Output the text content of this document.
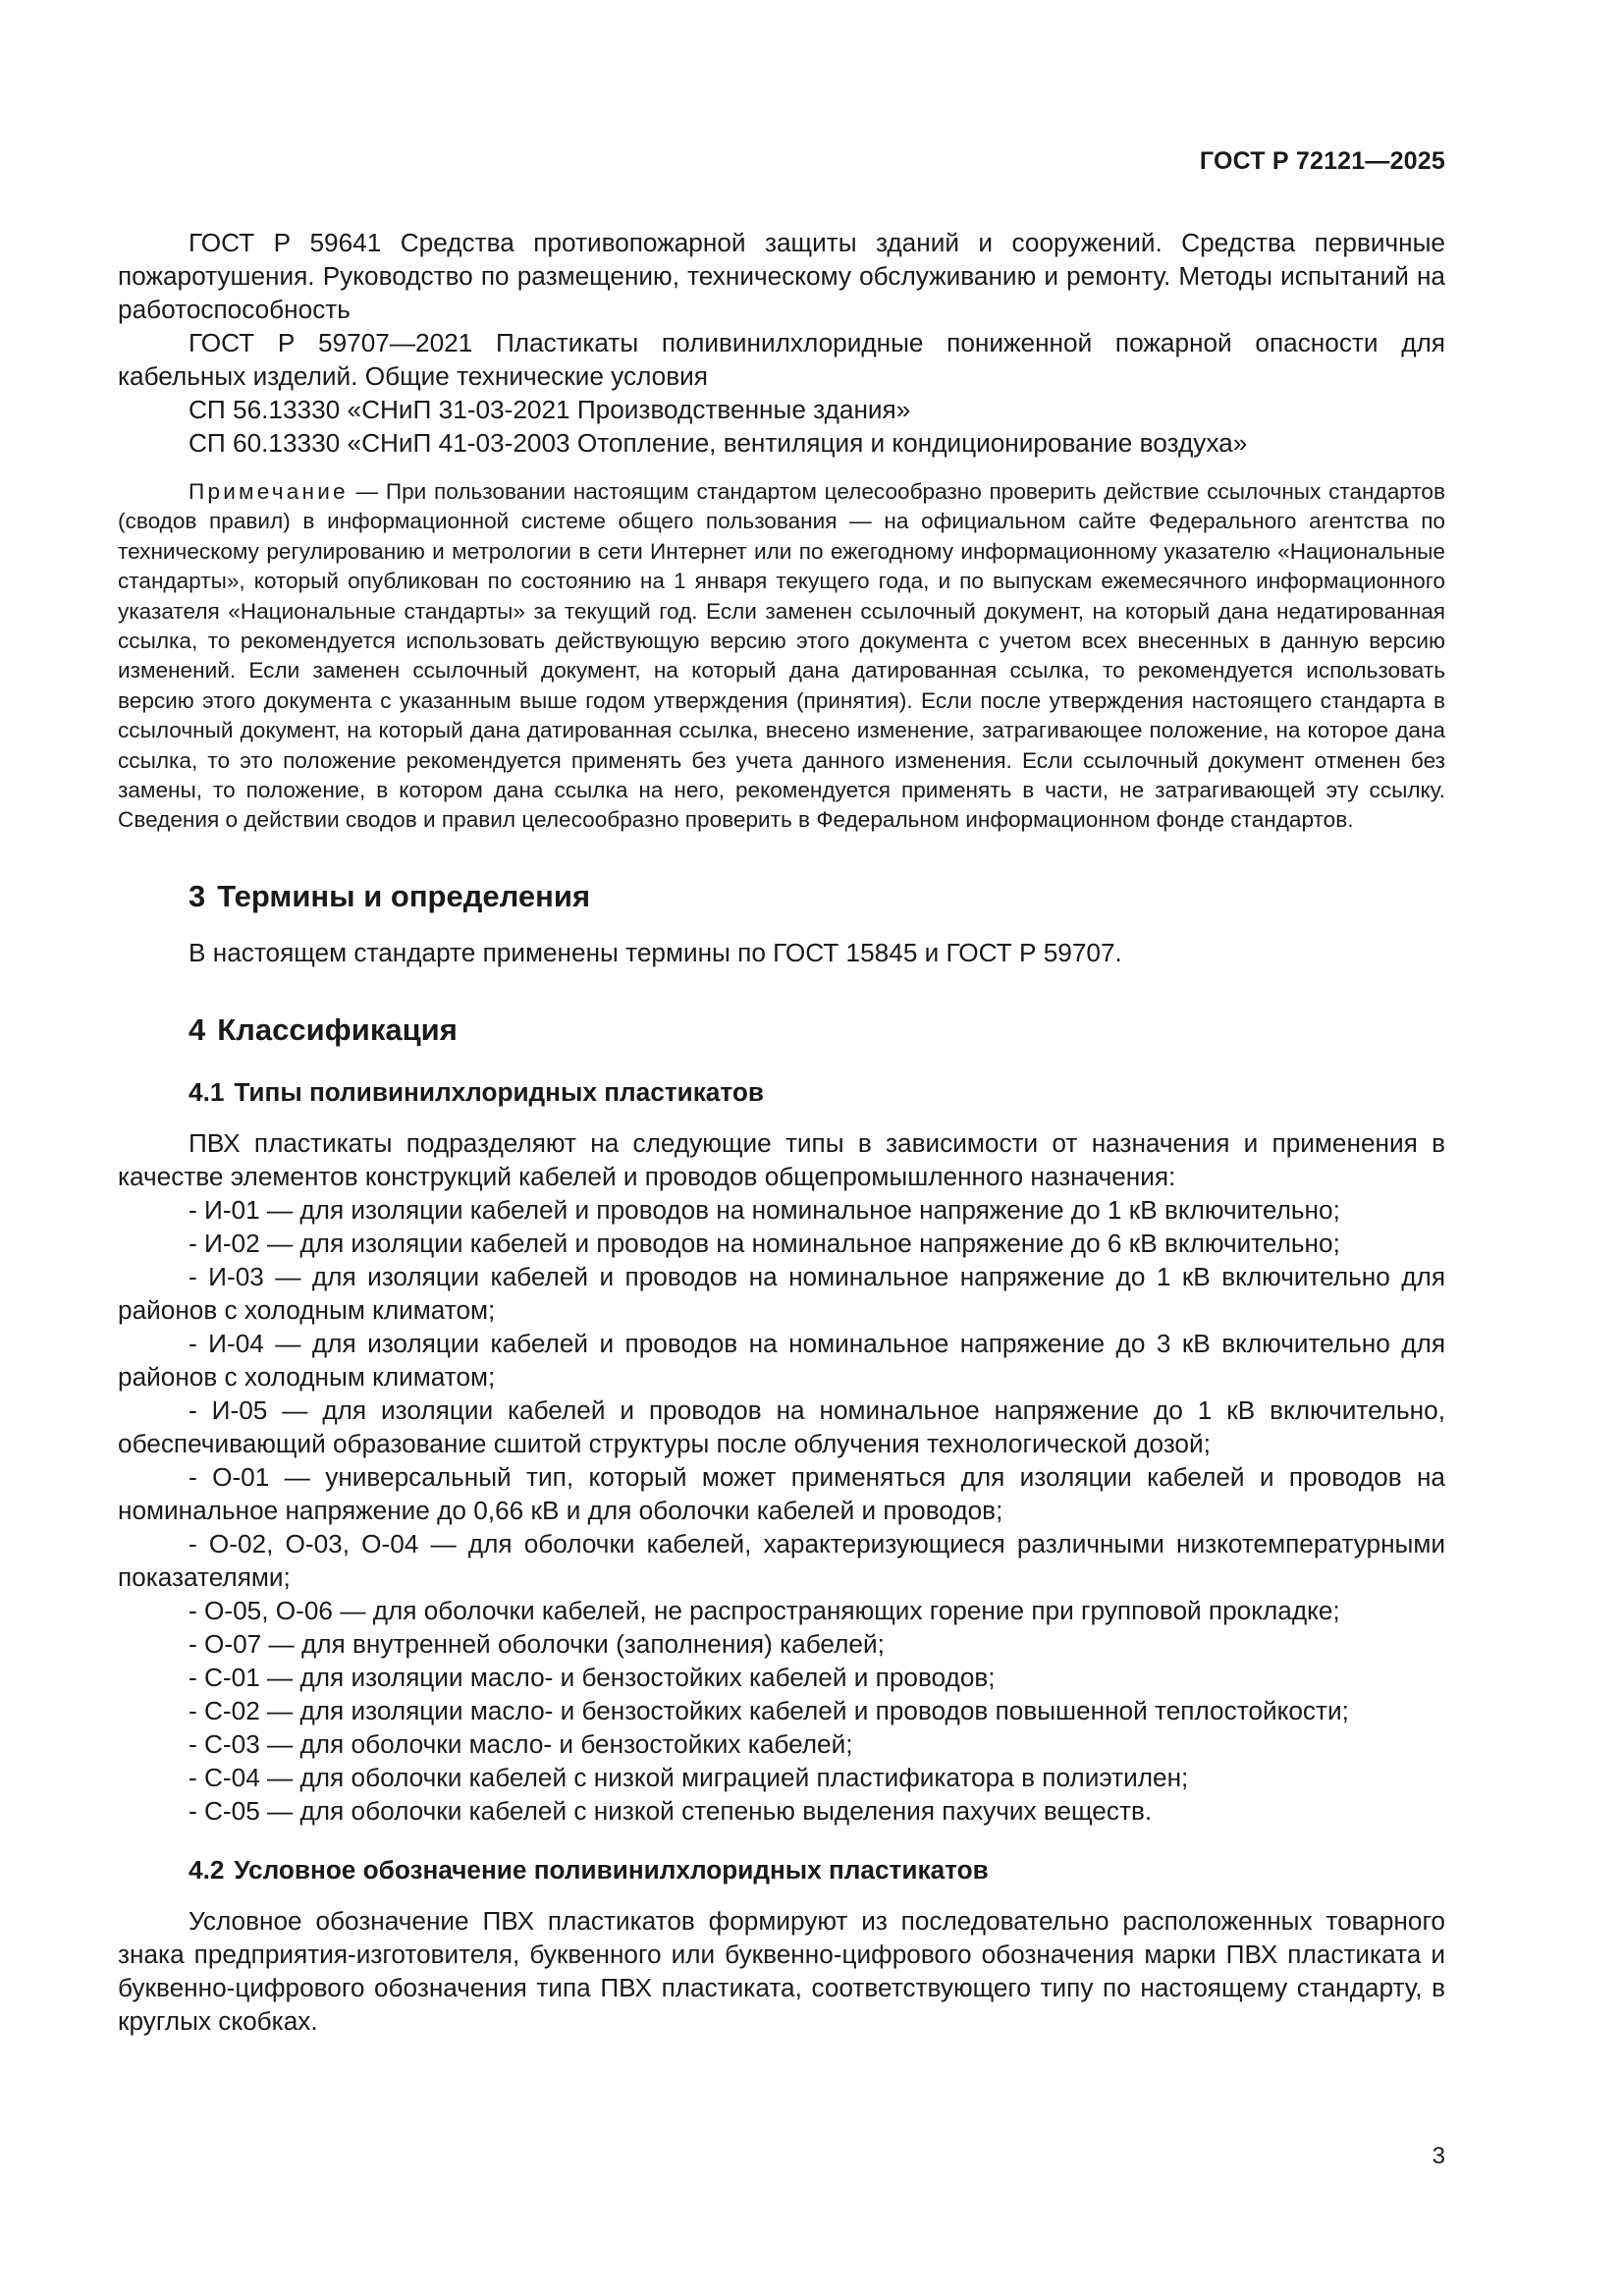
ГОСТ Р 72121—2025

ГОСТ Р 59641 Средства противопожарной защиты зданий и сооружений. Средства первичные пожаротушения. Руководство по размещению, техническому обслуживанию и ремонту. Методы испытаний на работоспособность

ГОСТ Р 59707—2021 Пластикаты поливинилхлоридные пониженной пожарной опасности для кабельных изделий. Общие технические условия

СП 56.13330 «СНиП 31-03-2021 Производственные здания»

СП 60.13330 «СНиП 41-03-2003 Отопление, вентиляция и кондиционирование воздуха»

Примечание — При пользовании настоящим стандартом целесообразно проверить действие ссылочных стандартов (сводов правил) в информационной системе общего пользования — на официальном сайте Федерального агентства по техническому регулированию и метрологии в сети Интернет или по ежегодному информационному указателю «Национальные стандарты», который опубликован по состоянию на 1 января текущего года, и по выпускам ежемесячного информационного указателя «Национальные стандарты» за текущий год. Если заменен ссылочный документ, на который дана недатированная ссылка, то рекомендуется использовать действующую версию этого документа с учетом всех внесенных в данную версию изменений. Если заменен ссылочный документ, на который дана датированная ссылка, то рекомендуется использовать версию этого документа с указанным выше годом утверждения (принятия). Если после утверждения настоящего стандарта в ссылочный документ, на который дана датированная ссылка, внесено изменение, затрагивающее положение, на которое дана ссылка, то это положение рекомендуется применять без учета данного изменения. Если ссылочный документ отменен без замены, то положение, в котором дана ссылка на него, рекомендуется применять в части, не затрагивающей эту ссылку. Сведения о действии сводов и правил целесообразно проверить в Федеральном информационном фонде стандартов.

3 Термины и определения

В настоящем стандарте применены термины по ГОСТ 15845 и ГОСТ Р 59707.

4 Классификация
4.1 Типы поливинилхлоридных пластикатов

ПВХ пластикаты подразделяют на следующие типы в зависимости от назначения и применения в качестве элементов конструкций кабелей и проводов общепромышленного назначения:

- И-01 — для изоляции кабелей и проводов на номинальное напряжение до 1 кВ включительно;

- И-02 — для изоляции кабелей и проводов на номинальное напряжение до 6 кВ включительно;

- И-03 — для изоляции кабелей и проводов на номинальное напряжение до 1 кВ включительно для районов с холодным климатом;

- И-04 — для изоляции кабелей и проводов на номинальное напряжение до 3 кВ включительно для районов с холодным климатом;

- И-05 — для изоляции кабелей и проводов на номинальное напряжение до 1 кВ включительно, обеспечивающий образование сшитой структуры после облучения технологической дозой;

- О-01 — универсальный тип, который может применяться для изоляции кабелей и проводов на номинальное напряжение до 0,66 кВ и для оболочки кабелей и проводов;

- О-02, О-03, О-04 — для оболочки кабелей, характеризующиеся различными низкотемпературными показателями;

- О-05, О-06 — для оболочки кабелей, не распространяющих горение при групповой прокладке;

- О-07 — для внутренней оболочки (заполнения) кабелей;

- С-01 — для изоляции масло- и бензостойких кабелей и проводов;

- С-02 — для изоляции масло- и бензостойких кабелей и проводов повышенной теплостойкости;

- С-03 — для оболочки масло- и бензостойких кабелей;

- С-04 — для оболочки кабелей с низкой миграцией пластификатора в полиэтилен;

- С-05 — для оболочки кабелей с низкой степенью выделения пахучих веществ.

4.2 Условное обозначение поливинилхлоридных пластикатов

Условное обозначение ПВХ пластикатов формируют из последовательно расположенных товарного знака предприятия-изготовителя, буквенного или буквенно-цифрового обозначения марки ПВХ пластиката и буквенно-цифрового обозначения типа ПВХ пластиката, соответствующего типу по настоящему стандарту, в круглых скобках.

3
